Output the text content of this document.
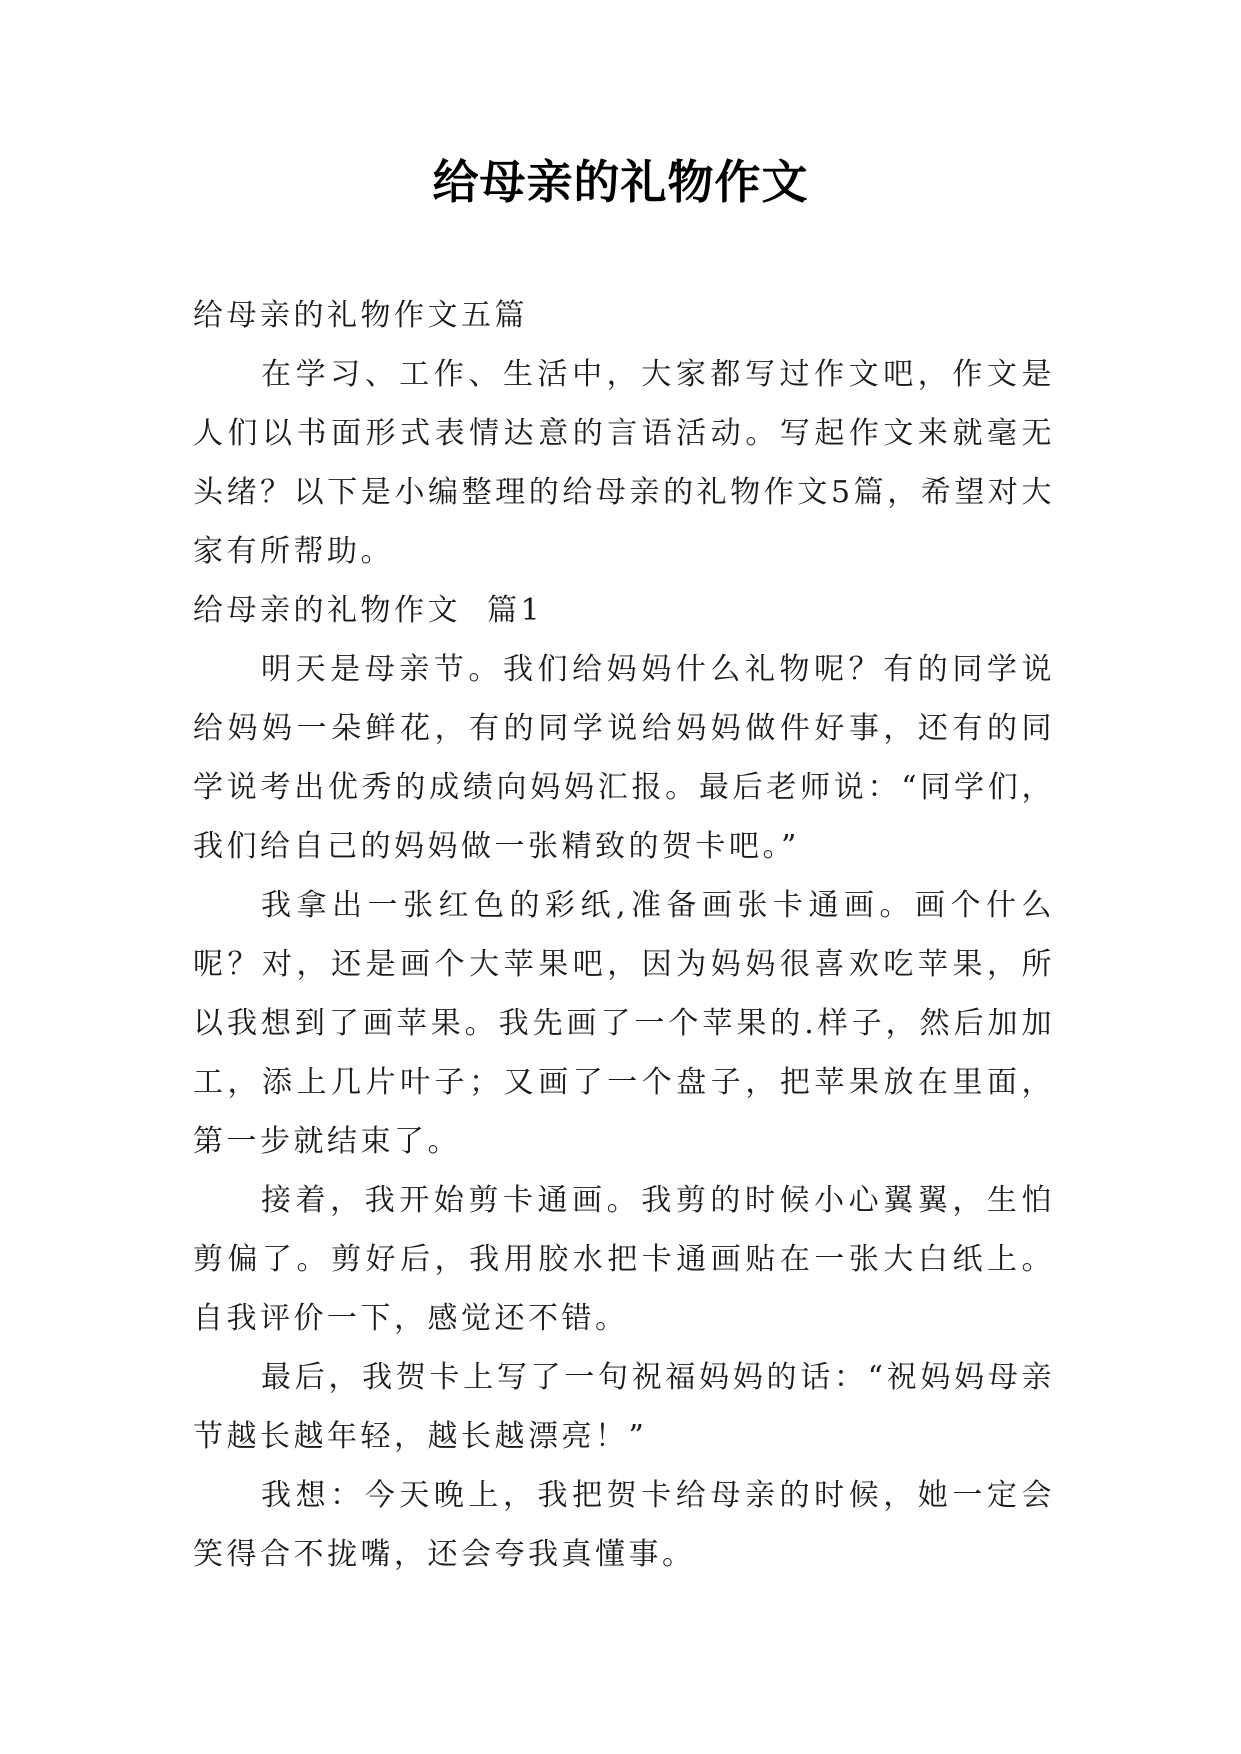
给母亲的礼物作文

给母亲的礼物作文五篇

在学习、工作、生活中，大家都写过作文吧，作文是人们以书面形式表情达意的言语活动。写起作文来就毫无头绪？以下是小编整理的给母亲的礼物作文5篇，希望对大家有所帮助。

给母亲的礼物作文  篇1

明天是母亲节。我们给妈妈什么礼物呢？有的同学说给妈妈一朵鲜花，有的同学说给妈妈做件好事，还有的同学说考出优秀的成绩向妈妈汇报。最后老师说：“同学们，我们给自己的妈妈做一张精致的贺卡吧。”

我拿出一张红色的彩纸,准备画张卡通画。画个什么呢？对，还是画个大苹果吧，因为妈妈很喜欢吃苹果，所以我想到了画苹果。我先画了一个苹果的.样子，然后加加工，添上几片叶子；又画了一个盘子，把苹果放在里面，第一步就结束了。

接着，我开始剪卡通画。我剪的时候小心翼翼，生怕剪偏了。剪好后，我用胶水把卡通画贴在一张大白纸上。自我评价一下，感觉还不错。

最后，我贺卡上写了一句祝福妈妈的话：“祝妈妈母亲节越长越年轻，越长越漂亮！”

我想：今天晚上，我把贺卡给母亲的时候，她一定会笑得合不拢嘴，还会夸我真懂事。
